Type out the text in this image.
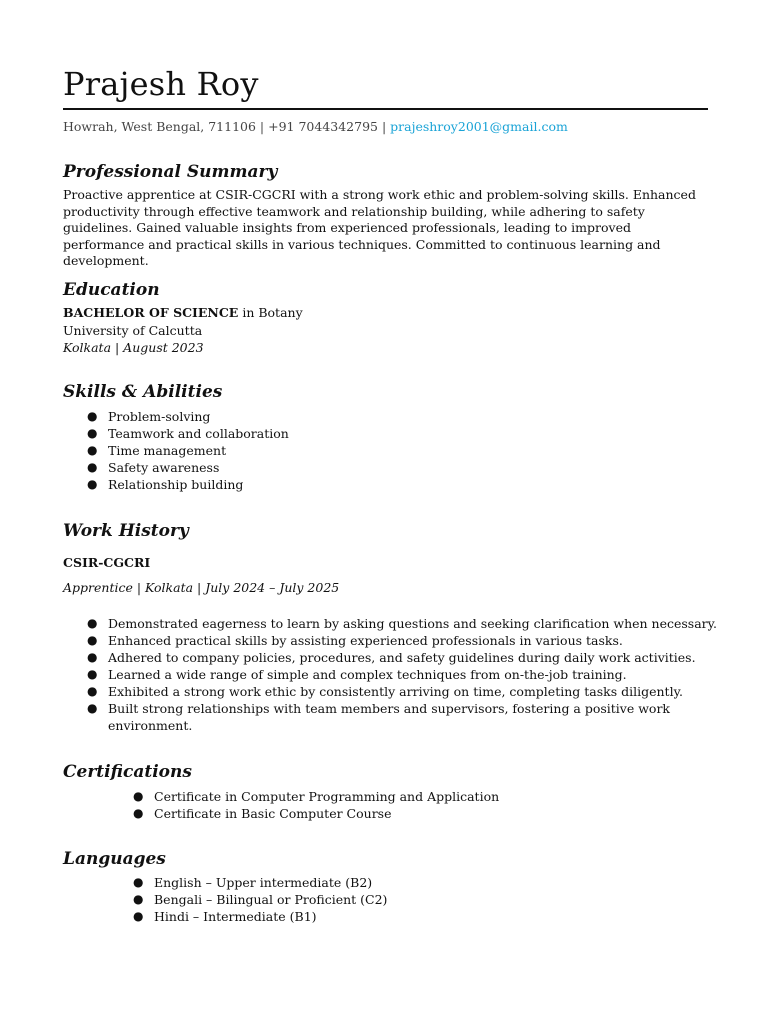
Prajesh Roy
Howrah, West Bengal, 711106 | +91 7044342795 | prajeshroy2001@gmail.com
Professional Summary
Proactive apprentice at CSIR-CGCRI with a strong work ethic and problem-solving skills. Enhanced productivity through effective teamwork and relationship building, while adhering to safety guidelines. Gained valuable insights from experienced professionals, leading to improved performance and practical skills in various techniques. Committed to continuous learning and development.
Education
BACHELOR OF SCIENCE in Botany
University of Calcutta
Kolkata | August 2023
Skills & Abilities
● Problem-solving
● Teamwork and collaboration
● Time management
● Safety awareness
● Relationship building
Work History
CSIR-CGCRI
Apprentice | Kolkata | July 2024 – July 2025
● Demonstrated eagerness to learn by asking questions and seeking clarification when necessary.
● Enhanced practical skills by assisting experienced professionals in various tasks.
● Adhered to company policies, procedures, and safety guidelines during daily work activities.
● Learned a wide range of simple and complex techniques from on-the-job training.
● Exhibited a strong work ethic by consistently arriving on time, completing tasks diligently.
● Built strong relationships with team members and supervisors, fostering a positive work environment.
Certifications
● Certificate in Computer Programming and Application
● Certificate in Basic Computer Course
Languages
● English – Upper intermediate (B2)
● Bengali – Bilingual or Proficient (C2)
● Hindi – Intermediate (B1)
